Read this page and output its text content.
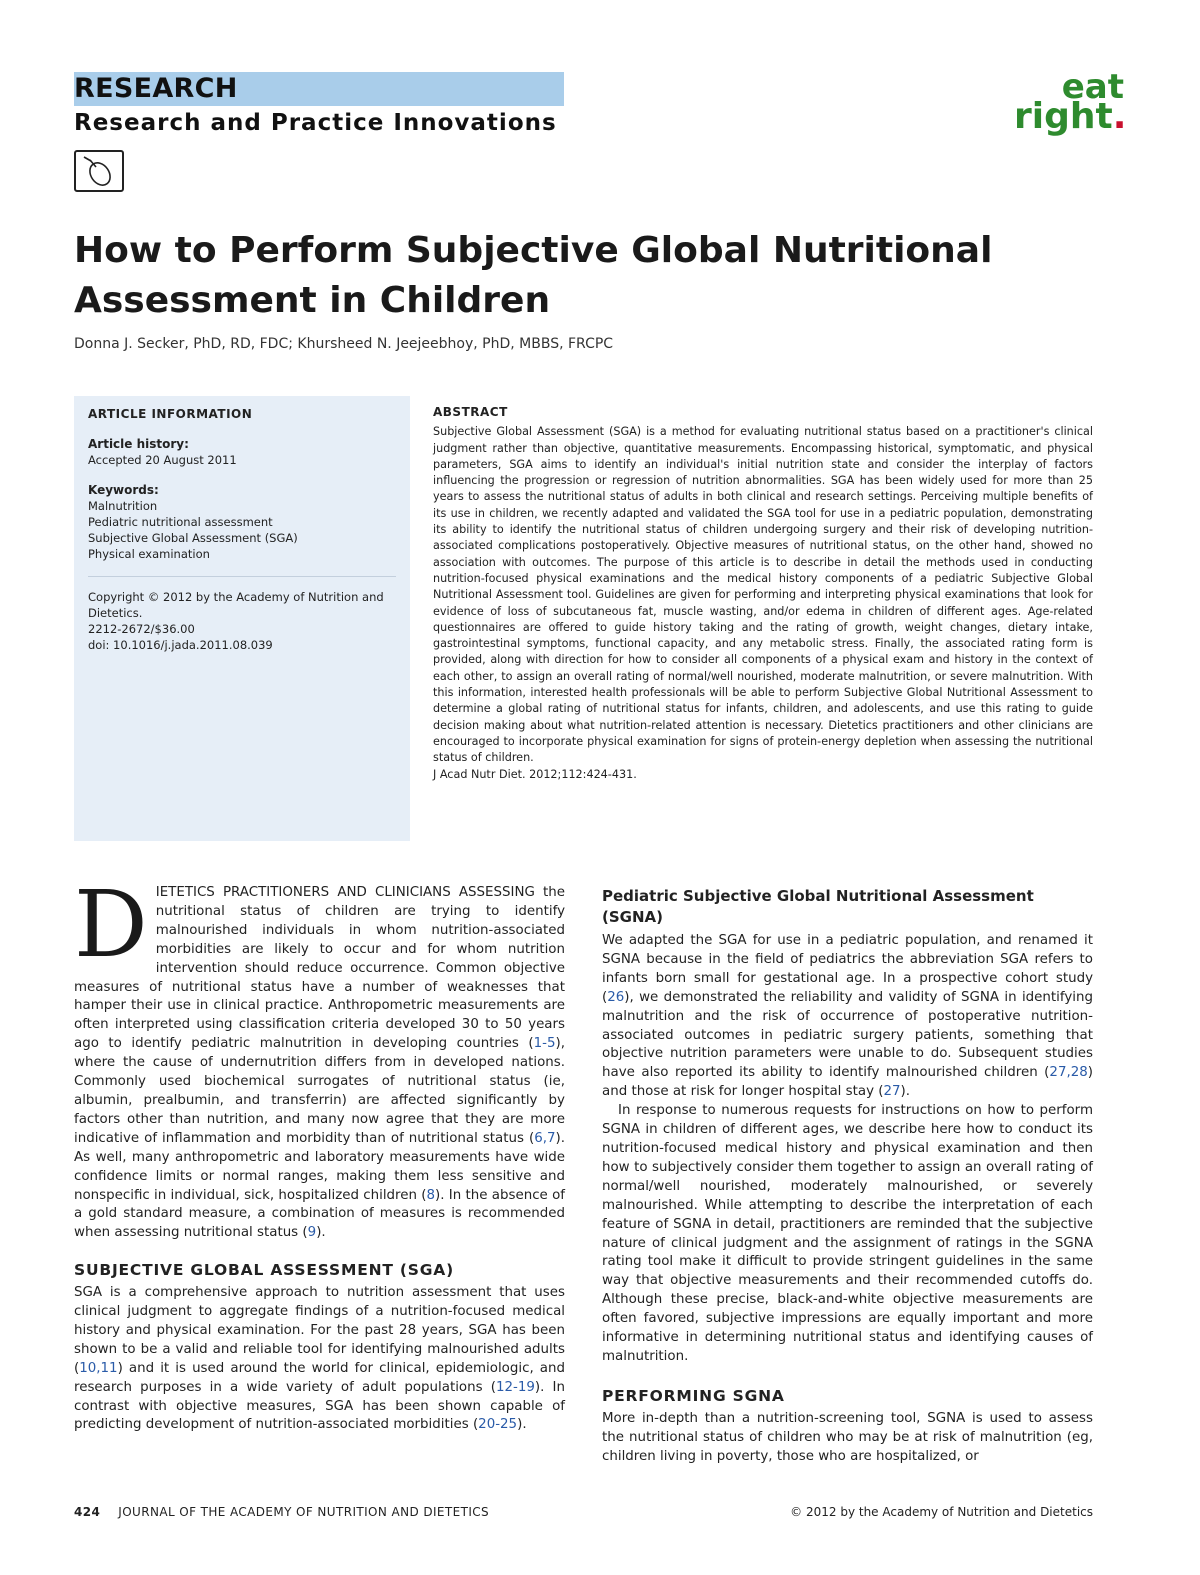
RESEARCH
Research and Practice Innovations
eat
right.
How to Perform Subjective Global Nutritional Assessment in Children
Donna J. Secker, PhD, RD, FDC; Khursheed N. Jeejeebhoy, PhD, MBBS, FRCPC
ARTICLE INFORMATION
Article history:
Accepted 20 August 2011
Keywords:
Malnutrition
Pediatric nutritional assessment
Subjective Global Assessment (SGA)
Physical examination
Copyright © 2012 by the Academy of Nutrition and Dietetics.
2212-2672/$36.00
doi: 10.1016/j.jada.2011.08.039
ABSTRACT

Subjective Global Assessment (SGA) is a method for evaluating nutritional status based on a practitioner's clinical judgment rather than objective, quantitative measurements. Encompassing historical, symptomatic, and physical parameters, SGA aims to identify an individual's initial nutrition state and consider the interplay of factors influencing the progression or regression of nutrition abnormalities. SGA has been widely used for more than 25 years to assess the nutritional status of adults in both clinical and research settings. Perceiving multiple benefits of its use in children, we recently adapted and validated the SGA tool for use in a pediatric population, demonstrating its ability to identify the nutritional status of children undergoing surgery and their risk of developing nutrition-associated complications postoperatively. Objective measures of nutritional status, on the other hand, showed no association with outcomes. The purpose of this article is to describe in detail the methods used in conducting nutrition-focused physical examinations and the medical history components of a pediatric Subjective Global Nutritional Assessment tool. Guidelines are given for performing and interpreting physical examinations that look for evidence of loss of subcutaneous fat, muscle wasting, and/or edema in children of different ages. Age-related questionnaires are offered to guide history taking and the rating of growth, weight changes, dietary intake, gastrointestinal symptoms, functional capacity, and any metabolic stress. Finally, the associated rating form is provided, along with direction for how to consider all components of a physical exam and history in the context of each other, to assign an overall rating of normal/well nourished, moderate malnutrition, or severe malnutrition. With this information, interested health professionals will be able to perform Subjective Global Nutritional Assessment to determine a global rating of nutritional status for infants, children, and adolescents, and use this rating to guide decision making about what nutrition-related attention is necessary. Dietetics practitioners and other clinicians are encouraged to incorporate physical examination for signs of protein-energy depletion when assessing the nutritional status of children.

J Acad Nutr Diet. 2012;112:424-431.

DIETETICS PRACTITIONERS AND CLINICIANS ASSESSING the nutritional status of children are trying to identify malnourished individuals in whom nutrition-associated morbidities are likely to occur and for whom nutrition intervention should reduce occurrence. Common objective measures of nutritional status have a number of weaknesses that hamper their use in clinical practice. Anthropometric measurements are often interpreted using classification criteria developed 30 to 50 years ago to identify pediatric malnutrition in developing countries (1-5), where the cause of undernutrition differs from in developed nations. Commonly used biochemical surrogates of nutritional status (ie, albumin, prealbumin, and transferrin) are affected significantly by factors other than nutrition, and many now agree that they are more indicative of inflammation and morbidity than of nutritional status (6,7). As well, many anthropometric and laboratory measurements have wide confidence limits or normal ranges, making them less sensitive and nonspecific in individual, sick, hospitalized children (8). In the absence of a gold standard measure, a combination of measures is recommended when assessing nutritional status (9).

SUBJECTIVE GLOBAL ASSESSMENT (SGA)

SGA is a comprehensive approach to nutrition assessment that uses clinical judgment to aggregate findings of a nutrition-focused medical history and physical examination. For the past 28 years, SGA has been shown to be a valid and reliable tool for identifying malnourished adults (10,11) and it is used around the world for clinical, epidemiologic, and research purposes in a wide variety of adult populations (12-19). In contrast with objective measures, SGA has been shown capable of predicting development of nutrition-associated morbidities (20-25).

Pediatric Subjective Global Nutritional Assessment (SGNA)

We adapted the SGA for use in a pediatric population, and renamed it SGNA because in the field of pediatrics the abbreviation SGA refers to infants born small for gestational age. In a prospective cohort study (26), we demonstrated the reliability and validity of SGNA in identifying malnutrition and the risk of occurrence of postoperative nutrition-associated outcomes in pediatric surgery patients, something that objective nutrition parameters were unable to do. Subsequent studies have also reported its ability to identify malnourished children (27,28) and those at risk for longer hospital stay (27).

In response to numerous requests for instructions on how to perform SGNA in children of different ages, we describe here how to conduct its nutrition-focused medical history and physical examination and then how to subjectively consider them together to assign an overall rating of normal/well nourished, moderately malnourished, or severely malnourished. While attempting to describe the interpretation of each feature of SGNA in detail, practitioners are reminded that the subjective nature of clinical judgment and the assignment of ratings in the SGNA rating tool make it difficult to provide stringent guidelines in the same way that objective measurements and their recommended cutoffs do. Although these precise, black-and-white objective measurements are often favored, subjective impressions are equally important and more informative in determining nutritional status and identifying causes of malnutrition.

PERFORMING SGNA

More in-depth than a nutrition-screening tool, SGNA is used to assess the nutritional status of children who may be at risk of malnutrition (eg, children living in poverty, those who are hospitalized, or

424 JOURNAL OF THE ACADEMY OF NUTRITION AND DIETETICS	© 2012 by the Academy of Nutrition and Dietetics
